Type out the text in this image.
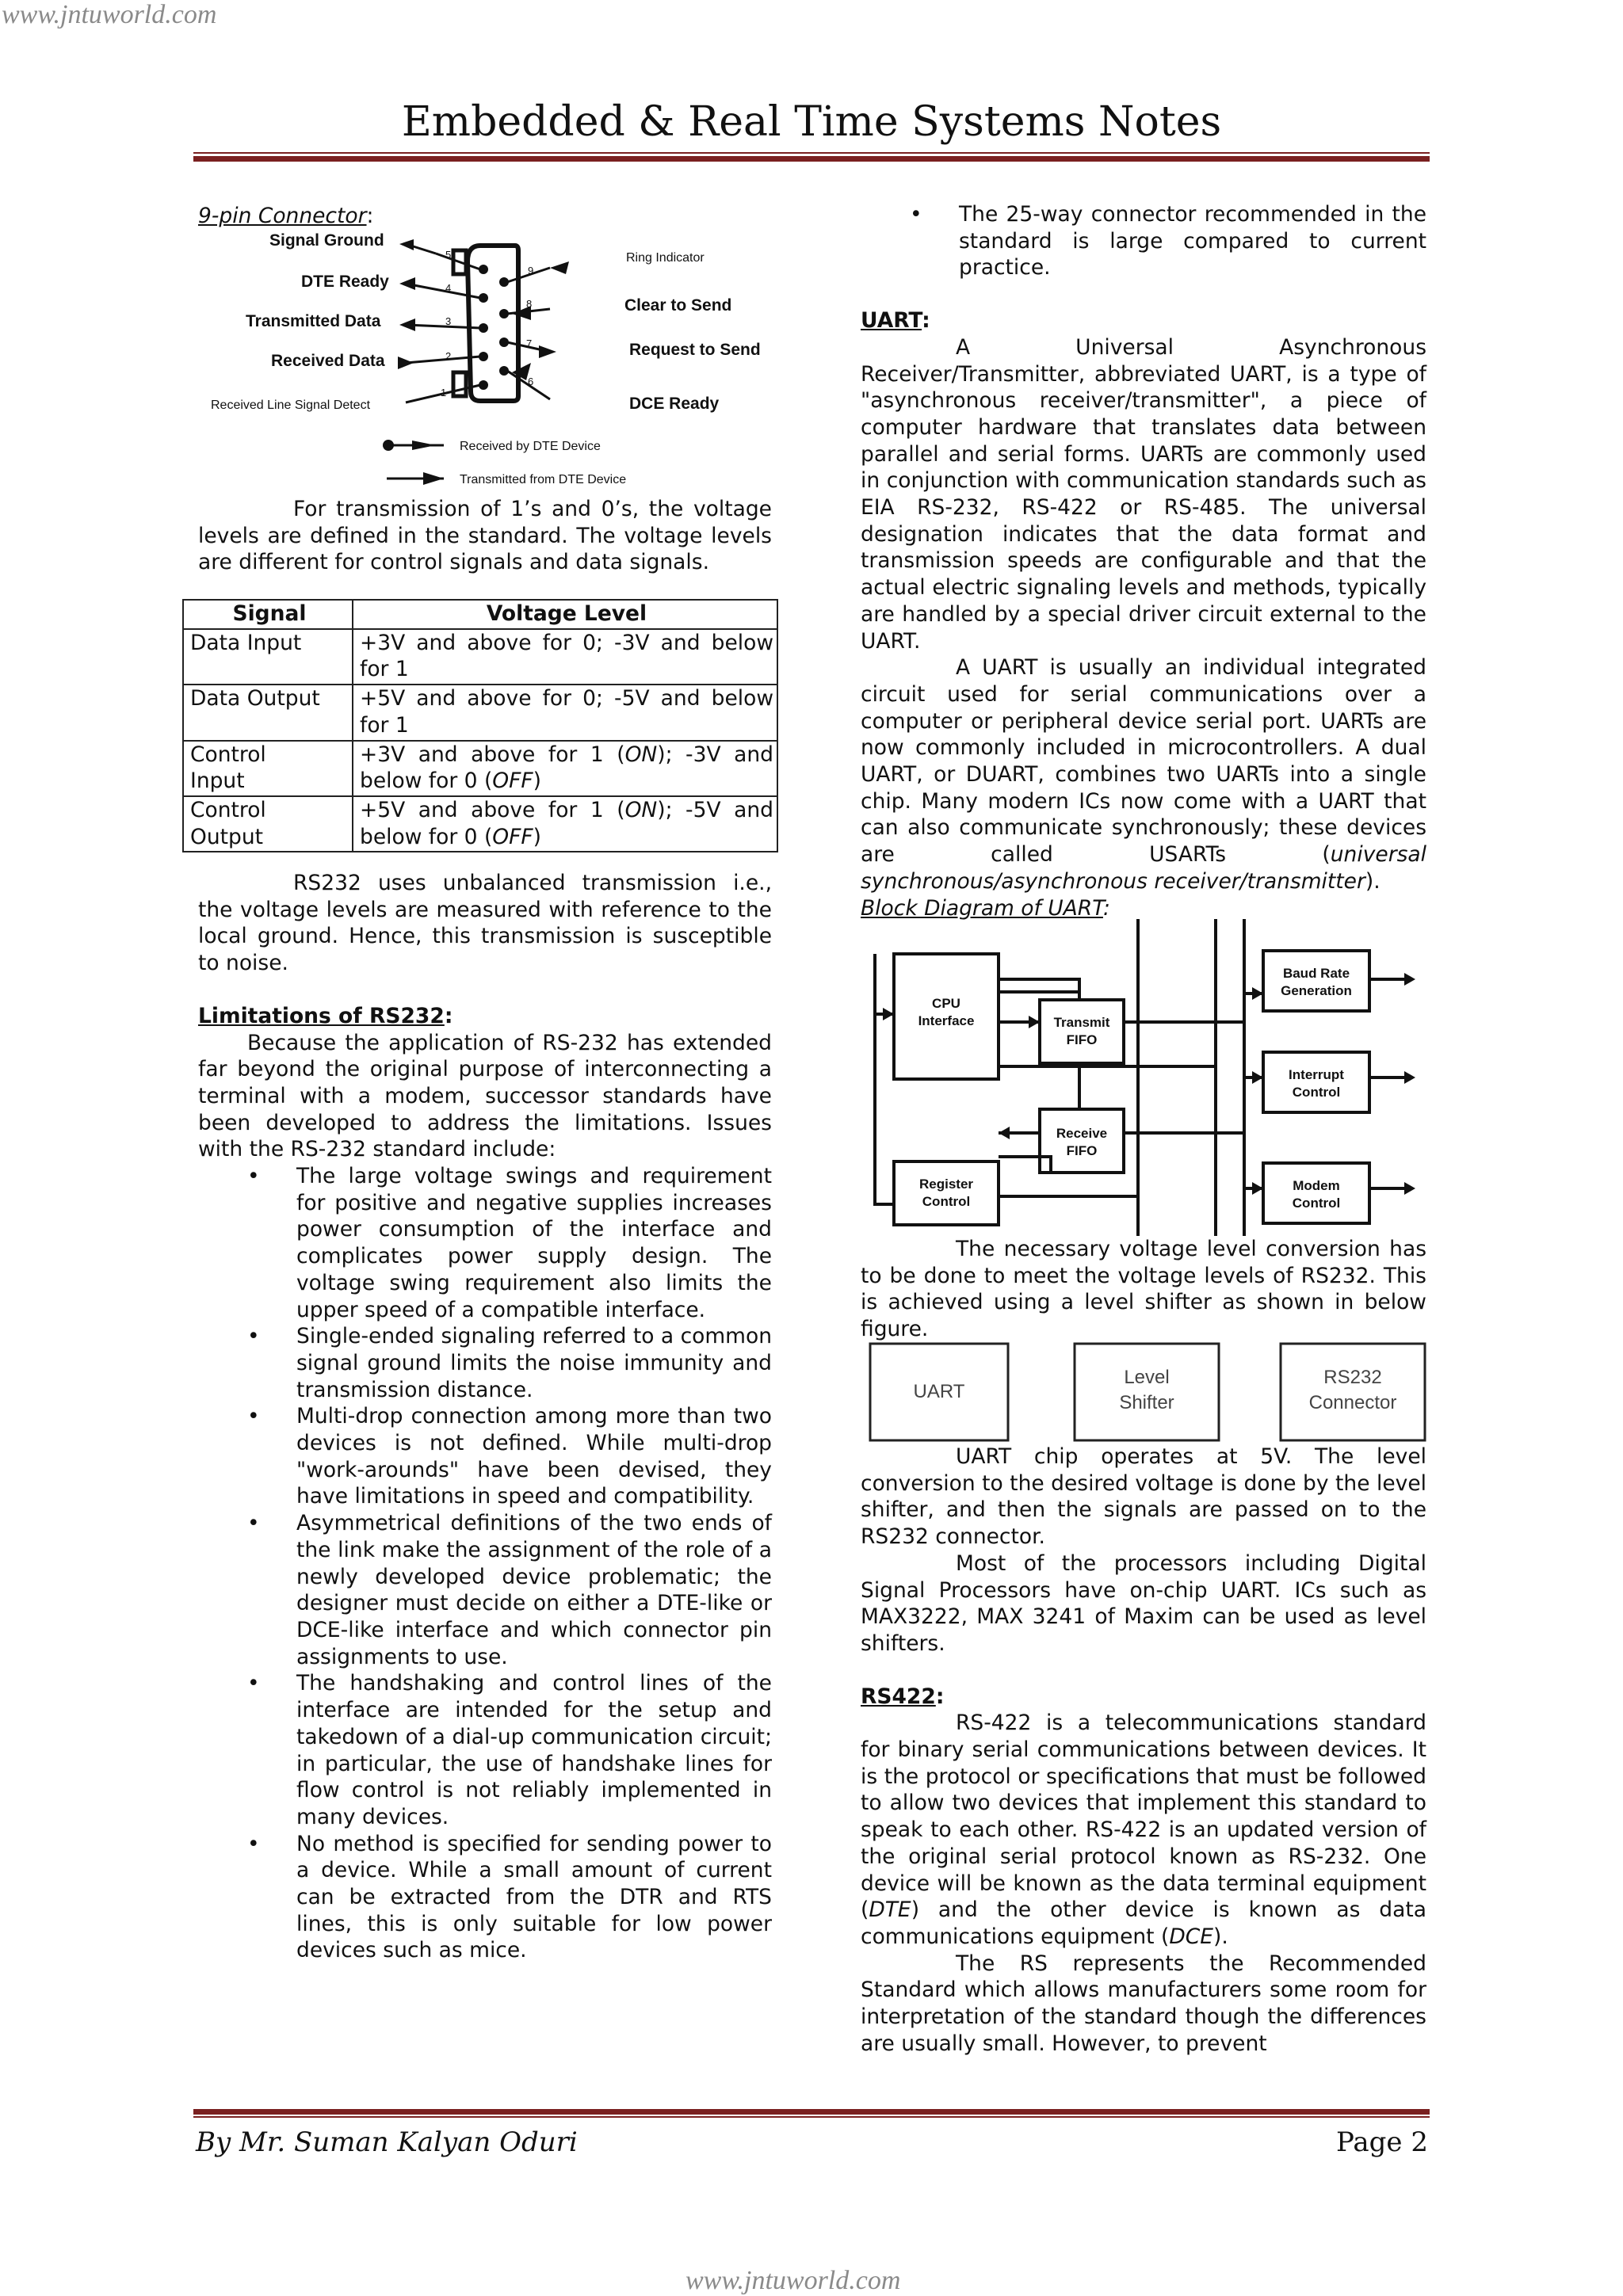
www.jntuworld.com
Embedded & Real Time Systems Notes

9-pin Connector:

5
4
3
2
1
9
8
7
6
Signal Ground
DTE Ready
Transmitted Data
Received Data
Clear to Send
Request to Send
DCE Ready
Received Line Signal Detect
Ring Indicator
Received by DTE Device
Transmitted from DTE Device

For transmission of 1’s and 0’s, the voltage levels are defined in the standard. The voltage levels are different for control signals and data signals.

Signal	Voltage Level
Data Input	+3V and above for 0; -3V and below for 1
Data Output	+5V and above for 0; -5V and below for 1
Control Input	+3V and above for 1 (ON); -3V and below for 0 (OFF)
Control Output	+5V and above for 1 (ON); -5V and below for 0 (OFF)

RS232 uses unbalanced transmission i.e., the voltage levels are measured with reference to the local ground. Hence, this transmission is susceptible to noise.

Limitations of RS232:

Because the application of RS-232 has extended far beyond the original purpose of interconnecting a terminal with a modem, successor standards have been developed to address the limitations. Issues with the RS-232 standard include:

• The large voltage swings and requirement for positive and negative supplies increases power consumption of the interface and complicates power supply design. The voltage swing requirement also limits the upper speed of a compatible interface.
• Single-ended signaling referred to a common signal ground limits the noise immunity and transmission distance.
• Multi-drop connection among more than two devices is not defined. While multi-drop "work-arounds" have been devised, they have limitations in speed and compatibility.
• Asymmetrical definitions of the two ends of the link make the assignment of the role of a newly developed device problematic; the designer must decide on either a DTE-like or DCE-like interface and which connector pin assignments to use.
• The handshaking and control lines of the interface are intended for the setup and takedown of a dial-up communication circuit; in particular, the use of handshake lines for flow control is not reliably implemented in many devices.
• No method is specified for sending power to a device. While a small amount of current can be extracted from the DTR and RTS lines, this is only suitable for low power devices such as mice.
• The 25-way connector recommended in the standard is large compared to current practice.

UART:

A Universal Asynchronous Receiver/Transmitter, abbreviated UART, is a type of "asynchronous receiver/transmitter", a piece of computer hardware that translates data between parallel and serial forms. UARTs are commonly used in conjunction with communication standards such as EIA RS-232, RS-422 or RS-485. The universal designation indicates that the data format and transmission speeds are configurable and that the actual electric signaling levels and methods, typically are handled by a special driver circuit external to the UART.

A UART is usually an individual integrated circuit used for serial communications over a computer or peripheral device serial port. UARTs are now commonly included in microcontrollers. A dual UART, or DUART, combines two UARTs into a single chip. Many modern ICs now come with a UART that can also communicate synchronously; these devices are called USARTs (universal synchronous/asynchronous receiver/transmitter).

Block Diagram of UART:

CPU
Interface	Transmit
FIFO
Receive
FIFO
Register
Control
Baud Rate
Generation
Interrupt
Control
Modem
Control

The necessary voltage level conversion has to be done to meet the voltage levels of RS232. This is achieved using a level shifter as shown in below figure.

UART
Level
Shifter
RS232
Connector

UART chip operates at 5V. The level conversion to the desired voltage is done by the level shifter, and then the signals are passed on to the RS232 connector.

Most of the processors including Digital Signal Processors have on-chip UART. ICs such as MAX3222, MAX 3241 of Maxim can be used as level shifters.

RS422:

RS-422 is a telecommunications standard for binary serial communications between devices. It is the protocol or specifications that must be followed to allow two devices that implement this standard to speak to each other. RS-422 is an updated version of the original serial protocol known as RS-232. One device will be known as the data terminal equipment (DTE) and the other device is known as data communications equipment (DCE).

The RS represents the Recommended Standard which allows manufacturers some room for interpretation of the standard though the differences are usually small. However, to prevent

By Mr. Suman Kalyan Oduri	Page 2
www.jntuworld.com
